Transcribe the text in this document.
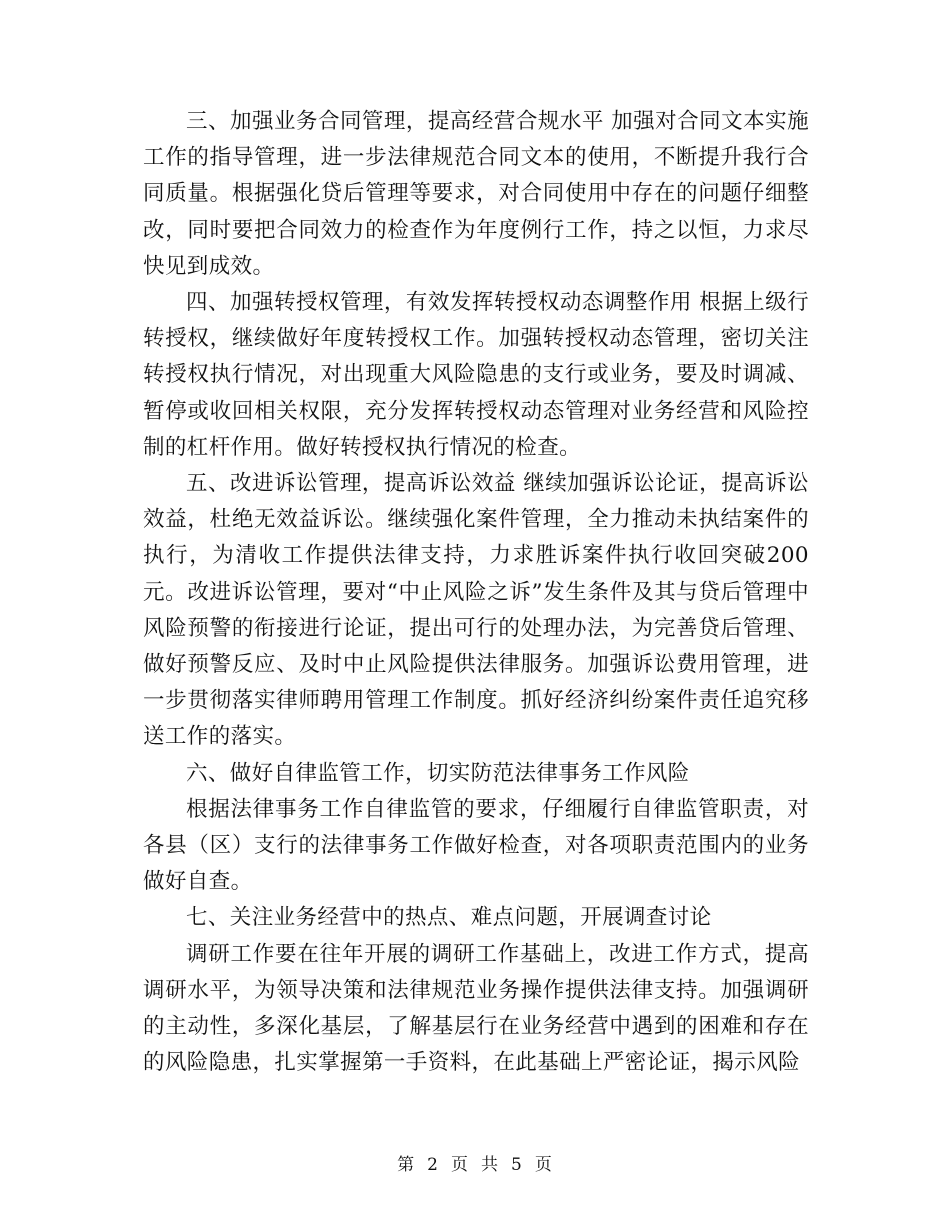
三、加强业务合同管理，提高经营合规水平 加强对合同文本实施工作的指导管理，进一步法律规范合同文本的使用，不断提升我行合同质量。根据强化贷后管理等要求，对合同使用中存在的问题仔细整改，同时要把合同效力的检查作为年度例行工作，持之以恒，力求尽快见到成效。

四、加强转授权管理，有效发挥转授权动态调整作用 根据上级行转授权，继续做好年度转授权工作。加强转授权动态管理，密切关注转授权执行情况，对出现重大风险隐患的支行或业务，要及时调减、暂停或收回相关权限，充分发挥转授权动态管理对业务经营和风险控制的杠杆作用。做好转授权执行情况的检查。

五、改进诉讼管理，提高诉讼效益 继续加强诉讼论证，提高诉讼效益，杜绝无效益诉讼。继续强化案件管理，全力推动未执结案件的执行，为清收工作提供法律支持，力求胜诉案件执行收回突破200元。改进诉讼管理，要对“中止风险之诉”发生条件及其与贷后管理中风险预警的衔接进行论证，提出可行的处理办法，为完善贷后管理、做好预警反应、及时中止风险提供法律服务。加强诉讼费用管理，进一步贯彻落实律师聘用管理工作制度。抓好经济纠纷案件责任追究移送工作的落实。

六、做好自律监管工作，切实防范法律事务工作风险

根据法律事务工作自律监管的要求，仔细履行自律监管职责，对各县（区）支行的法律事务工作做好检查，对各项职责范围内的业务做好自查。

七、关注业务经营中的热点、难点问题，开展调查讨论

调研工作要在往年开展的调研工作基础上，改进工作方式，提高调研水平，为领导决策和法律规范业务操作提供法律支持。加强调研的主动性，多深化基层，了解基层行在业务经营中遇到的困难和存在的风险隐患，扎实掌握第一手资料，在此基础上严密论证，揭示风险

第 2 页 共 5 页
